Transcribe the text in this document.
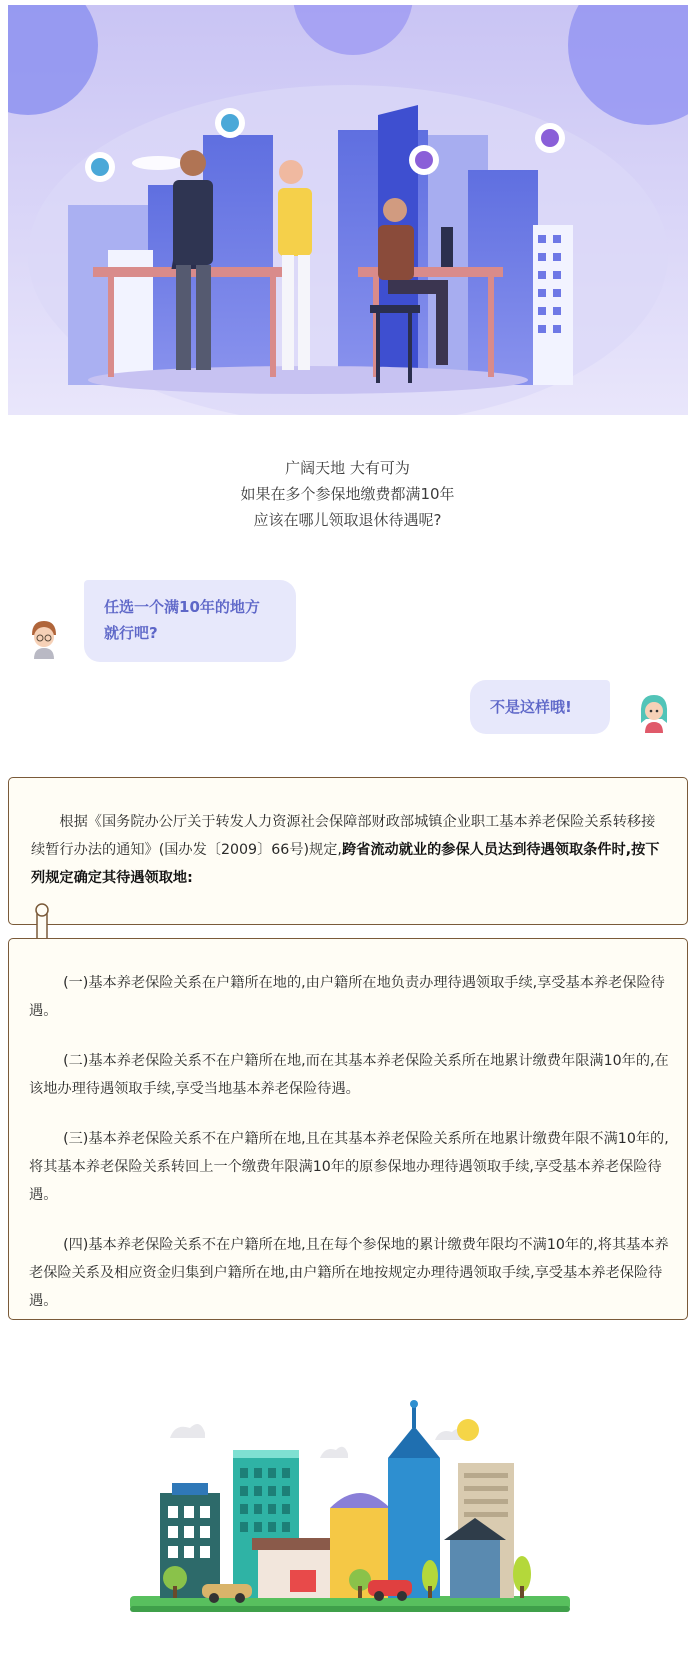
广阔天地 大有可为
如果在多个参保地缴费都满10年
应该在哪儿领取退休待遇呢?
任选一个满10年的地方
就行吧?
不是这样哦!

根据《国务院办公厅关于转发人力资源社会保障部财政部城镇企业职工基本养老保险关系转移接续暂行办法的通知》(国办发〔2009〕66号)规定,跨省流动就业的参保人员达到待遇领取条件时,按下列规定确定其待遇领取地:

(一)基本养老保险关系在户籍所在地的,由户籍所在地负责办理待遇领取手续,享受基本养老保险待遇。

(二)基本养老保险关系不在户籍所在地,而在其基本养老保险关系所在地累计缴费年限满10年的,在该地办理待遇领取手续,享受当地基本养老保险待遇。

(三)基本养老保险关系不在户籍所在地,且在其基本养老保险关系所在地累计缴费年限不满10年的,将其基本养老保险关系转回上一个缴费年限满10年的原参保地办理待遇领取手续,享受基本养老保险待遇。

(四)基本养老保险关系不在户籍所在地,且在每个参保地的累计缴费年限均不满10年的,将其基本养老保险关系及相应资金归集到户籍所在地,由户籍所在地按规定办理待遇领取手续,享受基本养老保险待遇。
